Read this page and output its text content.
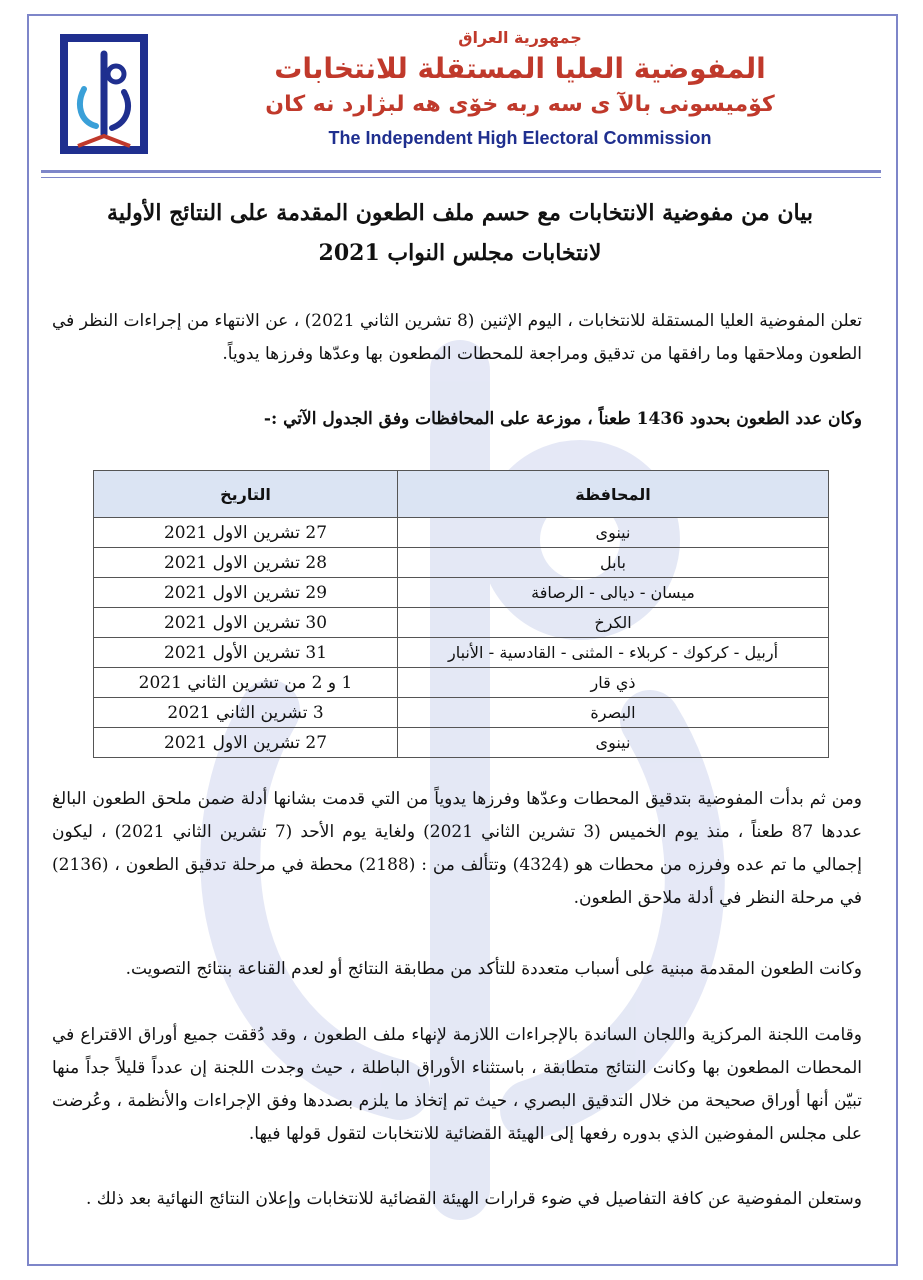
جمهورية العراق
المفوضية العليا المستقلة للانتخابات
كۆميسونى بالآ ى سه ربه خۆى هه لبژارد نه كان
The Independent High Electoral Commission
بيان من مفوضية الانتخابات مع حسم ملف الطعون المقدمة على النتائج الأولية
لانتخابات مجلس النواب 2021
تعلن المفوضية العليا المستقلة للانتخابات ، اليوم الإثنين (8 تشرين الثاني 2021) ، عن الانتهاء من إجراءات النظر في الطعون وملاحقها وما رافقها من تدقيق ومراجعة للمحطات المطعون بها وعدّها وفرزها يدوياً.
وكان عدد الطعون بحدود 1436 طعناً ، موزعة على المحافظات وفق الجدول الآتي :-
المحافظة	التاريخ
نينوى	27 تشرين الاول 2021
بابل	28 تشرين الاول 2021
ميسان - ديالى - الرصافة	29 تشرين الاول 2021
الكرخ	30 تشرين الاول 2021
أربيل - كركوك - كربلاء - المثنى - القادسية - الأنبار	31 تشرين الأول 2021
ذي قار	1 و 2 من تشرين الثاني 2021
البصرة	3 تشرين الثاني 2021
نينوى	27 تشرين الاول 2021
ومن ثم بدأت المفوضية بتدقيق المحطات وعدّها وفرزها يدوياً من التي قدمت بشانها أدلة ضمن ملحق الطعون البالغ عددها 87 طعناً ، منذ يوم الخميس (3 تشرين الثاني 2021) ولغاية يوم الأحد (7 تشرين الثاني 2021) ، ليكون إجمالي ما تم عده وفرزه من محطات هو (4324) وتتألف من : (2188) محطة في مرحلة تدقيق الطعون ، (2136) في مرحلة النظر في أدلة ملاحق الطعون.
وكانت الطعون المقدمة مبنية على أسباب متعددة للتأكد من مطابقة النتائج أو لعدم القناعة بنتائج التصويت.
وقامت اللجنة المركزية واللجان الساندة بالإجراءات اللازمة لإنهاء ملف الطعون ، وقد دُققت جميع أوراق الاقتراع في المحطات المطعون بها وكانت النتائج متطابقة ، باستثناء الأوراق الباطلة ، حيث وجدت اللجنة إن عدداً قليلاً جداً منها تبيّن أنها أوراق صحيحة من خلال التدقيق البصري ، حيث تم إتخاذ ما يلزم بصددها وفق الإجراءات والأنظمة ، وعُرضت على مجلس المفوضين الذي بدوره رفعها إلى الهيئة القضائية للانتخابات لتقول قولها فيها.
وستعلن المفوضية عن كافة التفاصيل في ضوء قرارات الهيئة القضائية للانتخابات وإعلان النتائج النهائية بعد ذلك .
